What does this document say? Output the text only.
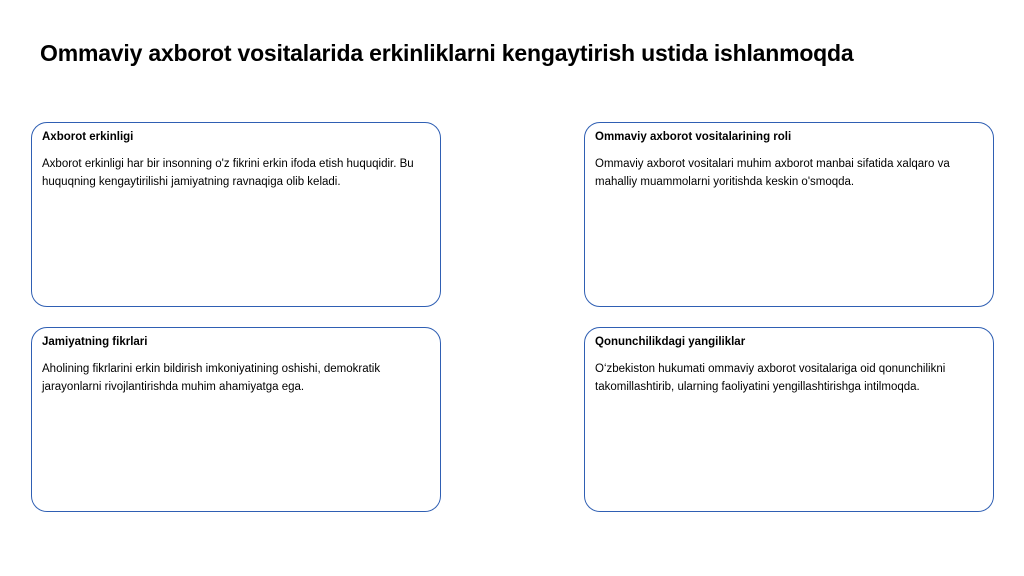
Ommaviy axborot vositalarida erkinliklarni kengaytirish ustida ishlanmoqda

Axborot erkinligi

Axborot erkinligi har bir insonning o'z fikrini erkin ifoda etish huquqidir. Bu huquqning kengaytirilishi jamiyatning ravnaqiga olib keladi.

Ommaviy axborot vositalarining roli

Ommaviy axborot vositalari muhim axborot manbai sifatida xalqaro va mahalliy muammolarni yoritishda keskin o'smoqda.

Jamiyatning fikrlari

Aholining fikrlarini erkin bildirish imkoniyatining oshishi, demokratik jarayonlarni rivojlantirishda muhim ahamiyatga ega.

Qonunchilikdagi yangiliklar

O‘zbekiston hukumati ommaviy axborot vositalariga oid qonunchilikni takomillashtirib, ularning faoliyatini yengillashtirishga intilmoqda.
